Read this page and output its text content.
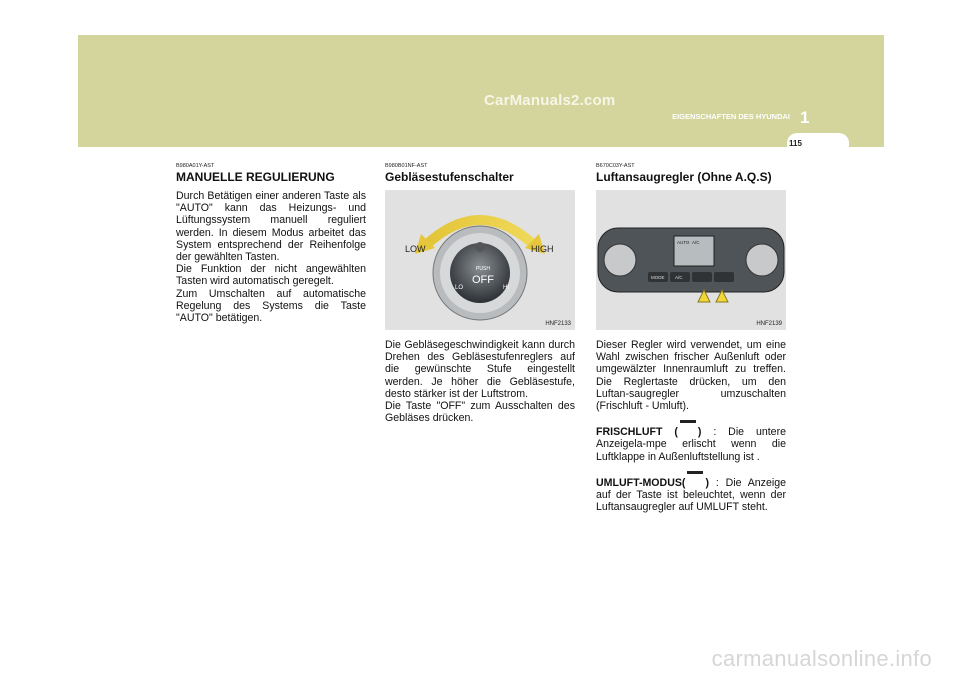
CarManuals2.com
EIGENSCHAFTEN DES HYUNDAI 1
115
B980A01Y-AST
MANUELLE REGULIERUNG

Durch Betätigen einer anderen Taste als "AUTO" kann das Heizungs- und Lüftungssystem manuell reguliert werden. In diesem Modus arbeitet das System entsprechend der Reihenfolge der gewählten Tasten.
Die Funktion der nicht angewählten Tasten wird automatisch geregelt.
Zum Umschalten auf automatische Regelung des Systems die Taste "AUTO" betätigen.

B980B01NF-AST
Gebläsestufenschalter
PUSH
OFF
LO	HI
LOW	HIGH
HNF2133

Die Gebläsegeschwindigkeit kann durch Drehen des Gebläsestufenreglers auf die gewünschte Stufe eingestellt werden. Je höher die Gebläsestufe, desto stärker ist der Luftstrom.
Die Taste "OFF" zum Ausschalten des Gebläses drücken.

B670C03Y-AST
Luftansaugregler (Ohne A.Q.S)
AUTO A/C
MODE A/C
HNF2139

Dieser Regler wird verwendet, um eine Wahl zwischen frischer Außenluft oder umgewälzter Innenraumluft zu treffen. Die Reglertaste drücken, um den Luftan-saugregler umzuschalten (Frischluft - Umluft).

FRISCHLUFT ( ) : Die untere Anzeigela-mpe erlischt wenn die Luftklappe in Außenluftstellung ist .

UMLUFT-MODUS( ) : Die Anzeige auf der Taste ist beleuchtet, wenn der Luftansaugregler auf UMLUFT steht.

carmanualsonline.info
